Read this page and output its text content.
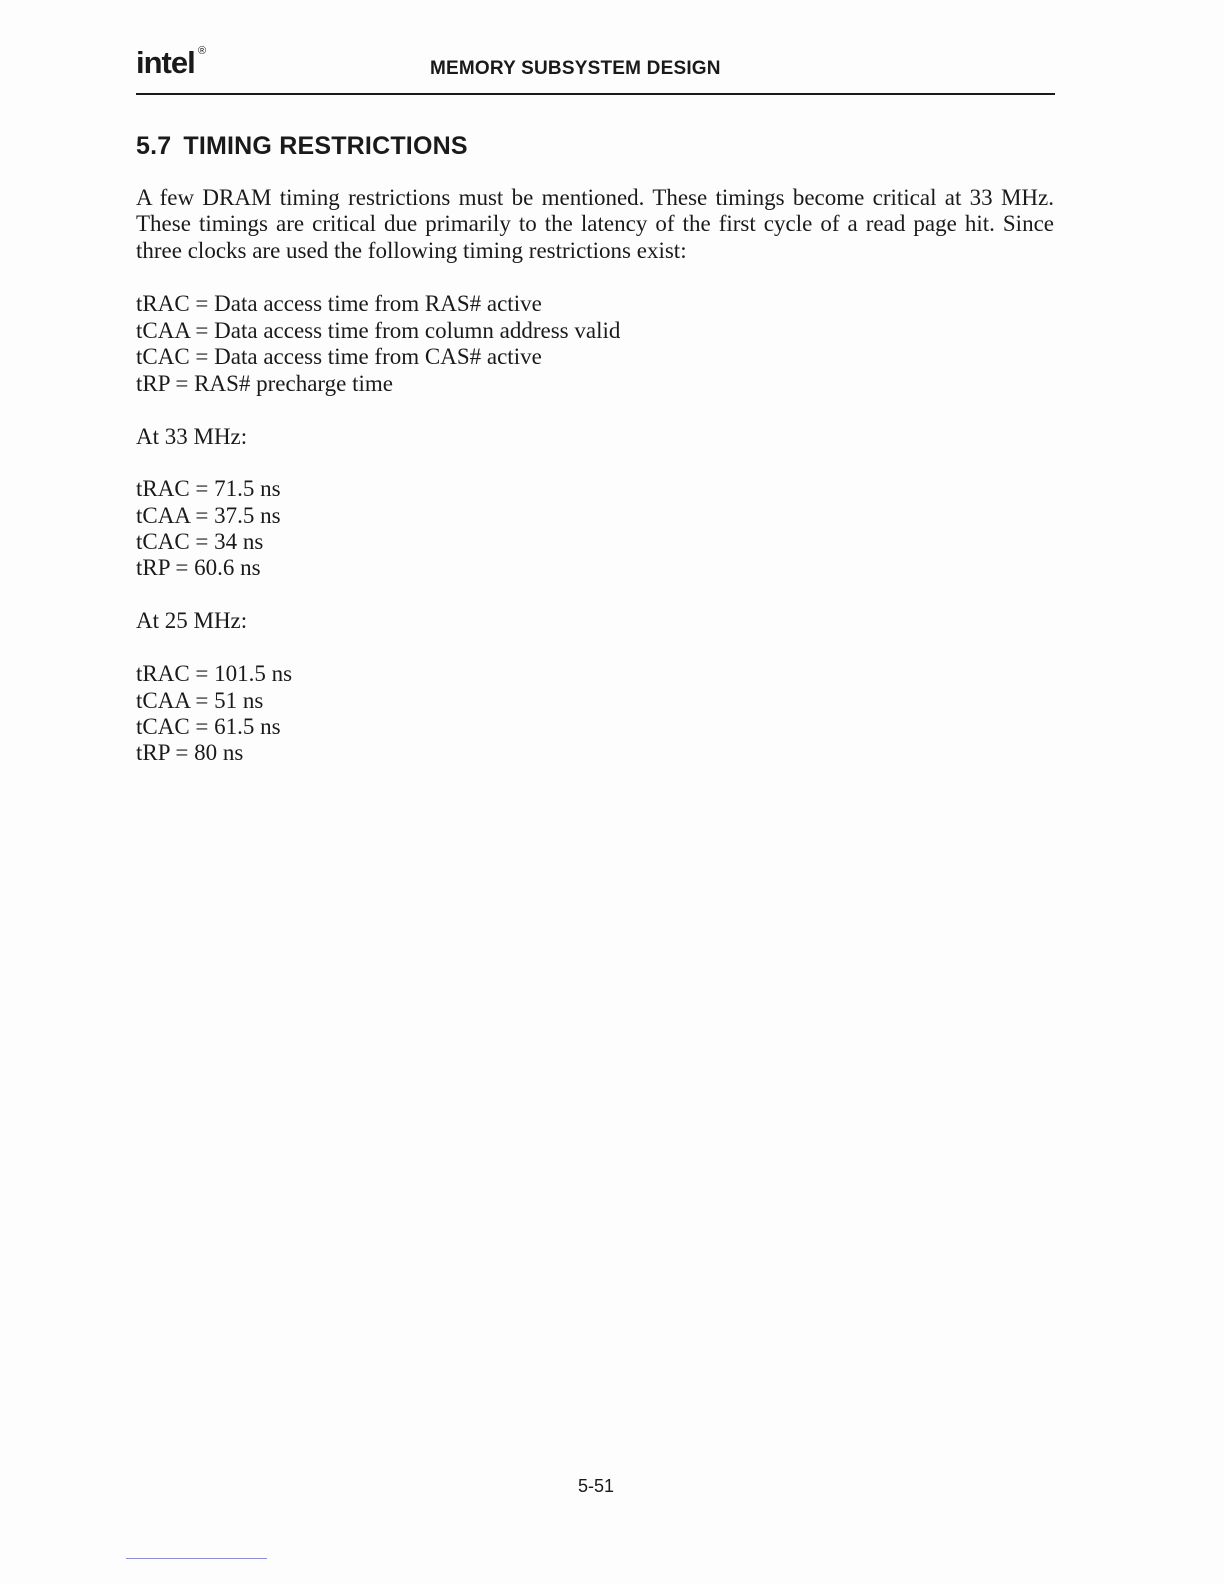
intel ®
MEMORY SUBSYSTEM DESIGN
5.7 TIMING RESTRICTIONS

A few DRAM timing restrictions must be mentioned. These timings become critical at 33 MHz. These timings are critical due primarily to the latency of the first cycle of a read page hit. Since three clocks are used the following timing restrictions exist:

tRAC = Data access time from RAS# active
tCAA = Data access time from column address valid
tCAC = Data access time from CAS# active
tRP = RAS# precharge time
At 33 MHz:
tRAC = 71.5 ns
tCAA = 37.5 ns
tCAC = 34 ns
tRP = 60.6 ns
At 25 MHz:
tRAC = 101.5 ns
tCAA = 51 ns
tCAC = 61.5 ns
tRP = 80 ns
5-51
